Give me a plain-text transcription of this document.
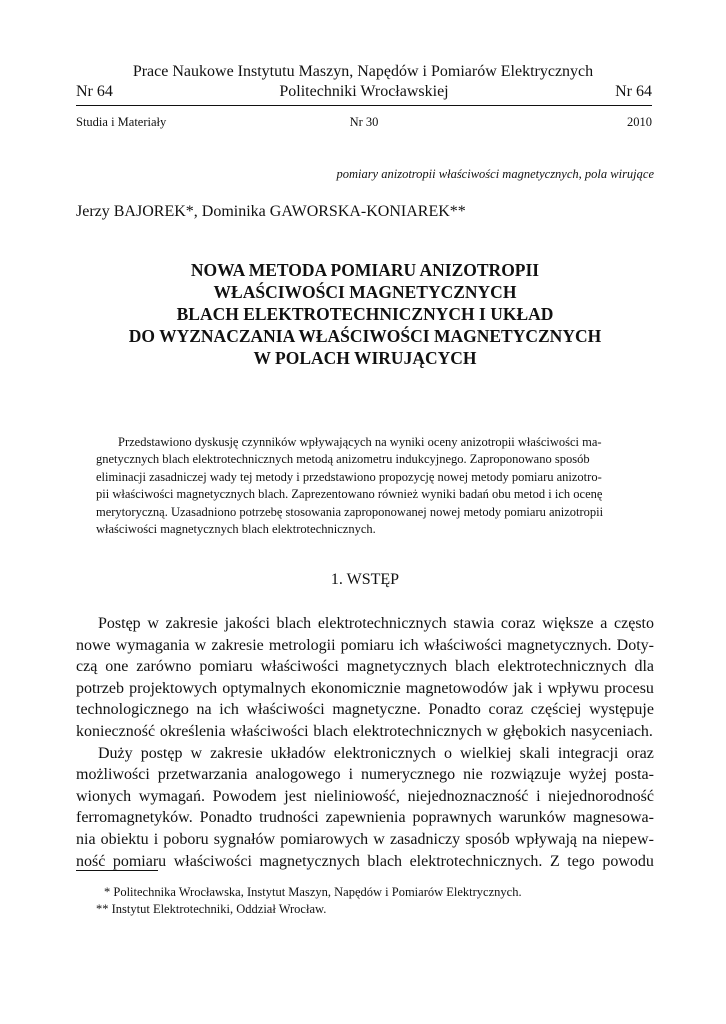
Prace Naukowe Instytutu Maszyn, Napędów i Pomiarów Elektrycznych
Nr 64	Politechniki Wrocławskiej	Nr 64
Studia i Materiały	Nr 30	2010
pomiary anizotropii właściwości magnetycznych, pola wirujące
Jerzy BAJOREK*, Dominika GAWORSKA-KONIAREK**
NOWA METODA POMIARU ANIZOTROPII
WŁAŚCIWOŚCI MAGNETYCZNYCH
BLACH ELEKTROTECHNICZNYCH I UKŁAD
DO WYZNACZANIA WŁAŚCIWOŚCI MAGNETYCZNYCH
W POLACH WIRUJĄCYCH
Przedstawiono dyskusję czynników wpływających na wyniki oceny anizotropii właściwości ma-
gnetycznych blach elektrotechnicznych metodą anizometru indukcyjnego. Zaproponowano sposób
eliminacji zasadniczej wady tej metody i przedstawiono propozycję nowej metody pomiaru anizotro-
pii właściwości magnetycznych blach. Zaprezentowano również wyniki badań obu metod i ich ocenę
merytoryczną. Uzasadniono potrzebę stosowania zaproponowanej nowej metody pomiaru anizotropii
właściwości magnetycznych blach elektrotechnicznych.
1. WSTĘP
Postęp w zakresie jakości blach elektrotechnicznych stawia coraz większe a często
nowe wymagania w zakresie metrologii pomiaru ich właściwości magnetycznych. Doty-
czą one zarówno pomiaru właściwości magnetycznych blach elektrotechnicznych dla
potrzeb projektowych optymalnych ekonomicznie magnetowodów jak i wpływu procesu
technologicznego na ich właściwości magnetyczne. Ponadto coraz częściej występuje
konieczność określenia właściwości blach elektrotechnicznych w głębokich nasyceniach.
Duży postęp w zakresie układów elektronicznych o wielkiej skali integracji oraz
możliwości przetwarzania analogowego i numerycznego nie rozwiązuje wyżej posta-
wionych wymagań. Powodem jest nieliniowość, niejednoznaczność i niejednorodność
ferromagnetyków. Ponadto trudności zapewnienia poprawnych warunków magnesowa-
nia obiektu i poboru sygnałów pomiarowych w zasadniczy sposób wpływają na niepew-
ność pomiaru właściwości magnetycznych blach elektrotechnicznych. Z tego powodu
* Politechnika Wrocławska, Instytut Maszyn, Napędów i Pomiarów Elektrycznych.
** Instytut Elektrotechniki, Oddział Wrocław.
